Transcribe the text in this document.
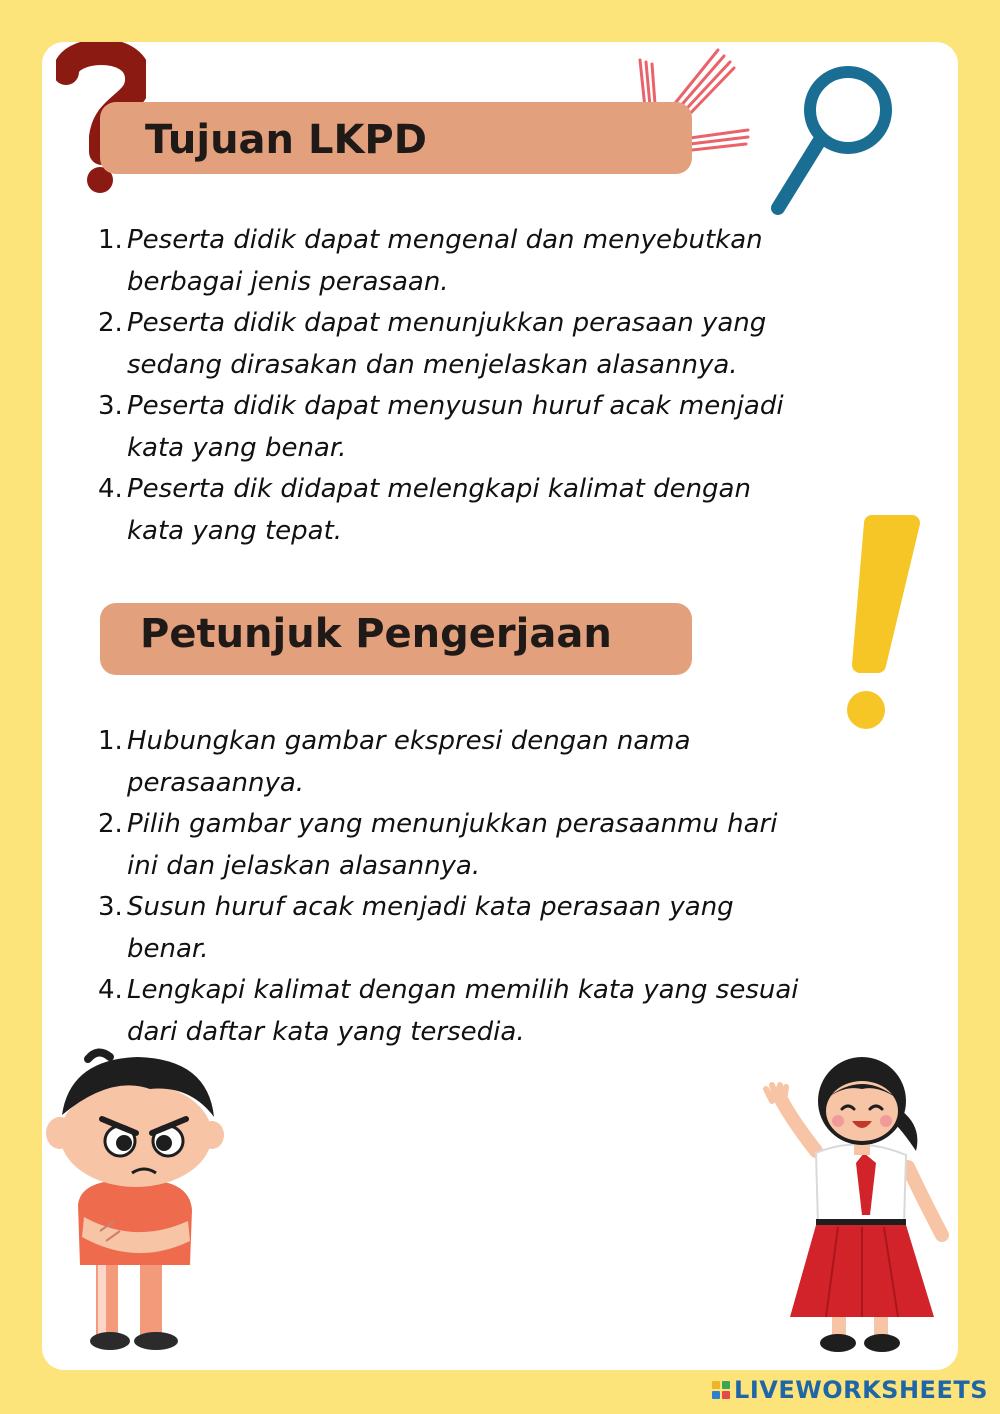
Tujuan LKPD
1. Peserta didik dapat mengenal dan menyebutkan
berbagai jenis perasaan.
2. Peserta didik dapat menunjukkan perasaan yang
sedang dirasakan dan menjelaskan alasannya.
3. Peserta didik dapat menyusun huruf acak menjadi
kata yang benar.
4. Peserta dik didapat melengkapi kalimat dengan
kata yang tepat.
Petunjuk Pengerjaan
1. Hubungkan gambar ekspresi dengan nama
perasaannya.
2. Pilih gambar yang menunjukkan perasaanmu hari
ini dan jelaskan alasannya.
3. Susun huruf acak menjadi kata perasaan yang
benar.
4. Lengkapi kalimat dengan memilih kata yang sesuai
dari daftar kata yang tersedia.
LIVEWORKSHEETS
